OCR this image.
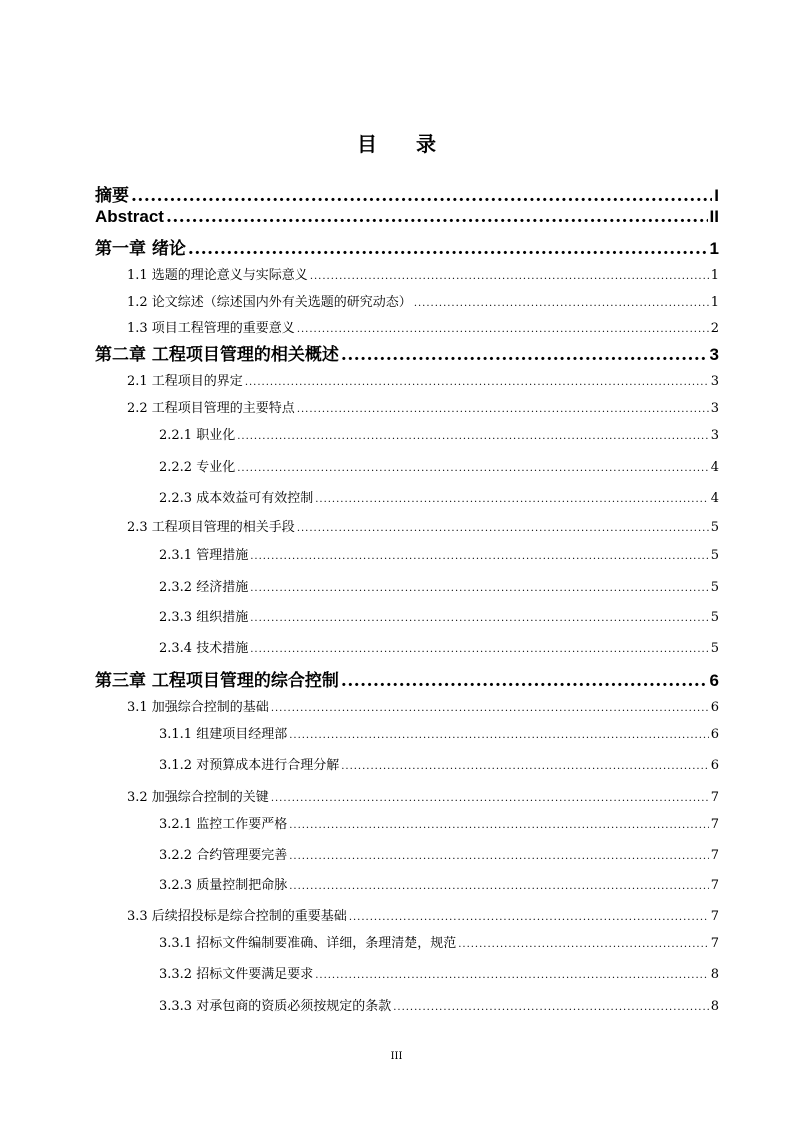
目 录
摘要 .....	I
Abstract .....	II
第一章 绪论 .....	1
1.1 选题的理论意义与实际意义 .....	1
1.2 论文综述（综述国内外有关选题的研究动态） .....	1
1.3 项目工程管理的重要意义 .....	2
第二章 工程项目管理的相关概述 .....	3
2.1 工程项目的界定 .....	3
2.2 工程项目管理的主要特点 .....	3
2.2.1 职业化 .....	3
2.2.2 专业化 .....	4
2.2.3 成本效益可有效控制 .....	4
2.3 工程项目管理的相关手段 .....	5
2.3.1 管理措施 .....	5
2.3.2 经济措施 .....	5
2.3.3 组织措施 .....	5
2.3.4 技术措施 .....	5
第三章 工程项目管理的综合控制 .....	6
3.1 加强综合控制的基础 .....	6
3.1.1 组建项目经理部 .....	6
3.1.2 对预算成本进行合理分解 .....	6
3.2 加强综合控制的关键 .....	7
3.2.1 监控工作要严格 .....	7
3.2.2 合约管理要完善 .....	7
3.2.3 质量控制把命脉 .....	7
3.3 后续招投标是综合控制的重要基础 .....	7
3.3.1 招标文件编制要准确、详细，条理清楚，规范 .....	7
3.3.2 招标文件要满足要求 .....	8
3.3.3 对承包商的资质必须按规定的条款 .....	8
III
